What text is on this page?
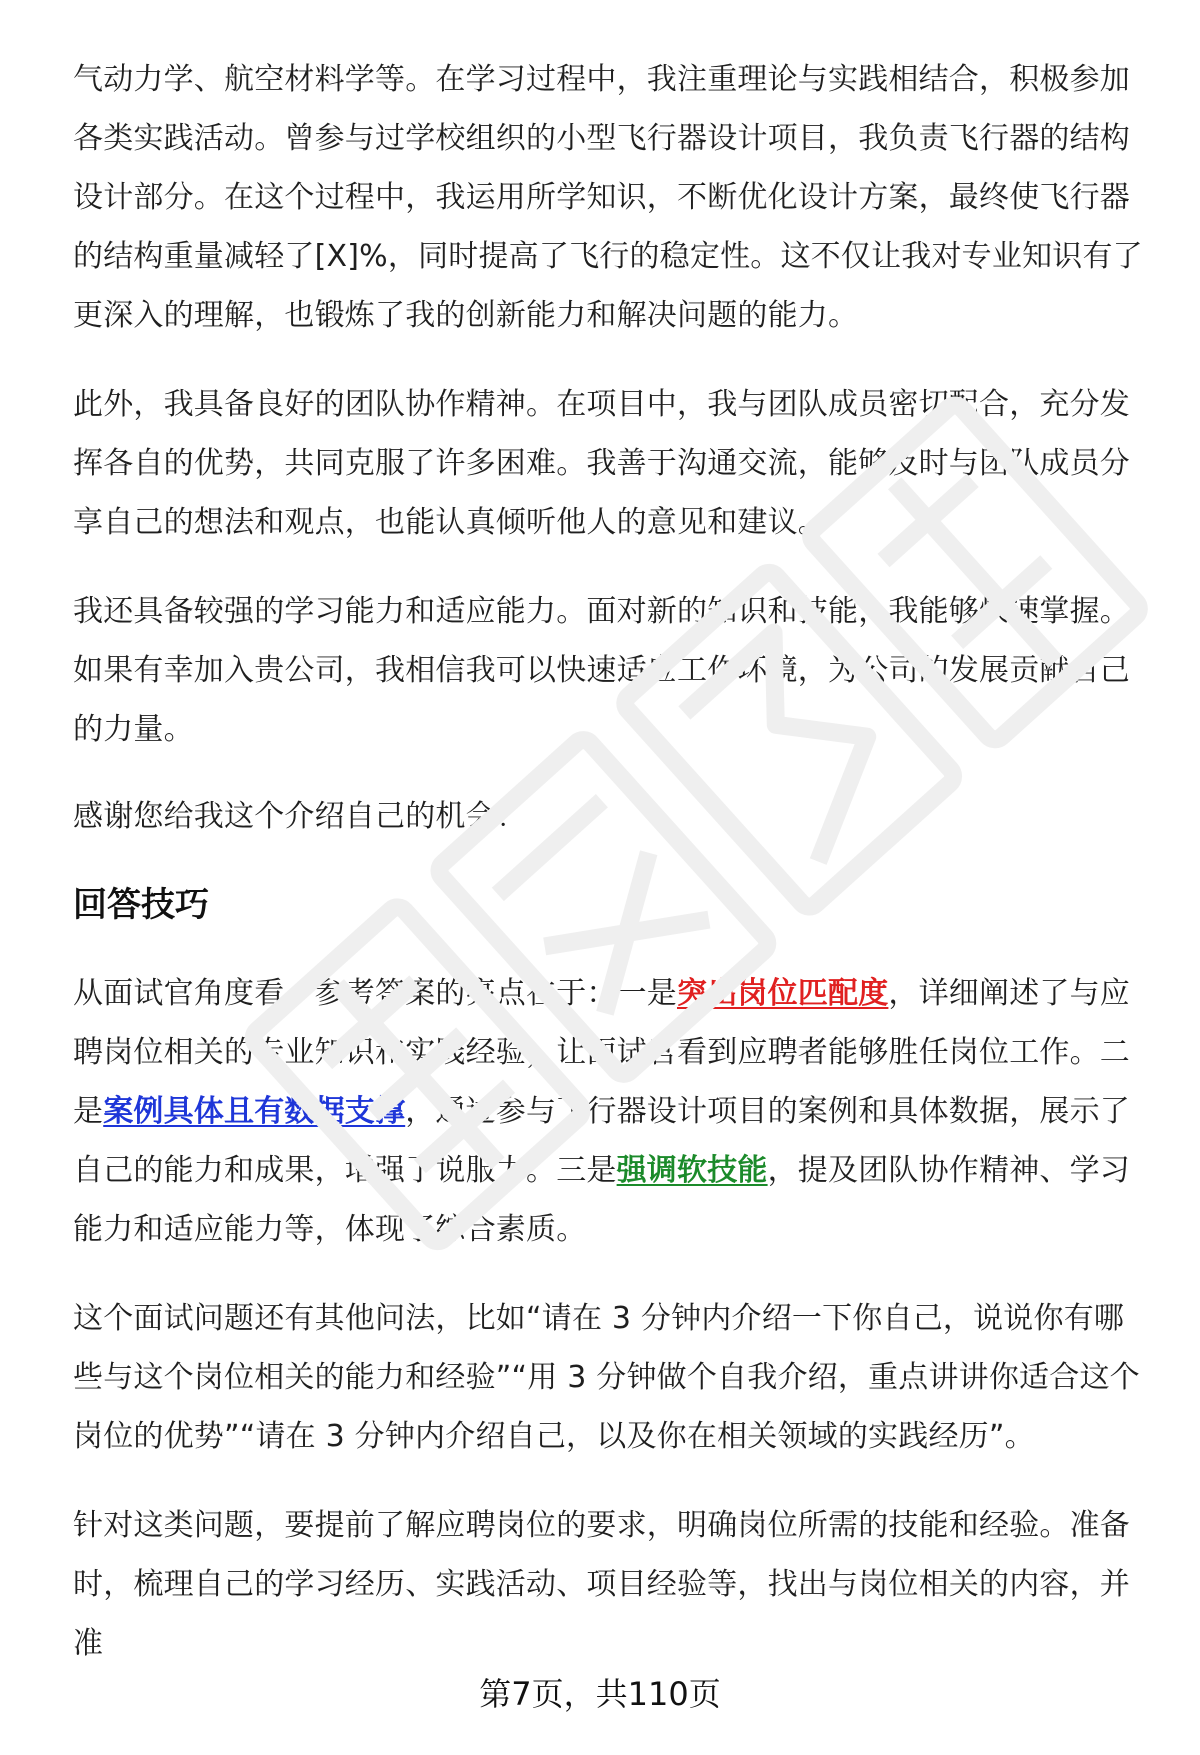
气动力学、航空材料学等。在学习过程中，我注重理论与实践相结合，积极参加各类实践活动。曾参与过学校组织的小型飞行器设计项目，我负责飞行器的结构设计部分。在这个过程中，我运用所学知识，不断优化设计方案，最终使飞行器的结构重量减轻了[X]%，同时提高了飞行的稳定性。这不仅让我对专业知识有了更深入的理解，也锻炼了我的创新能力和解决问题的能力。

此外，我具备良好的团队协作精神。在项目中，我与团队成员密切配合，充分发挥各自的优势，共同克服了许多困难。我善于沟通交流，能够及时与团队成员分享自己的想法和观点，也能认真倾听他人的意见和建议。

我还具备较强的学习能力和适应能力。面对新的知识和技能，我能够快速掌握。如果有幸加入贵公司，我相信我可以快速适应工作环境，为公司的发展贡献自己的力量。

感谢您给我这个介绍自己的机会！

回答技巧

从面试官角度看，参考答案的亮点在于：一是突出岗位匹配度，详细阐述了与应聘岗位相关的专业知识和实践经验，让面试官看到应聘者能够胜任岗位工作。二是案例具体且有数据支撑，通过参与飞行器设计项目的案例和具体数据，展示了自己的能力和成果，增强了说服力。三是强调软技能，提及团队协作精神、学习能力和适应能力等，体现了综合素质。

这个面试问题还有其他问法，比如“请在 3 分钟内介绍一下你自己，说说你有哪些与这个岗位相关的能力和经验”“用 3 分钟做个自我介绍，重点讲讲你适合这个岗位的优势”“请在 3 分钟内介绍自己，以及你在相关领域的实践经历”。

针对这类问题，要提前了解应聘岗位的要求，明确岗位所需的技能和经验。准备时，梳理自己的学习经历、实践活动、项目经验等，找出与岗位相关的内容，并准

第7页，共110页
